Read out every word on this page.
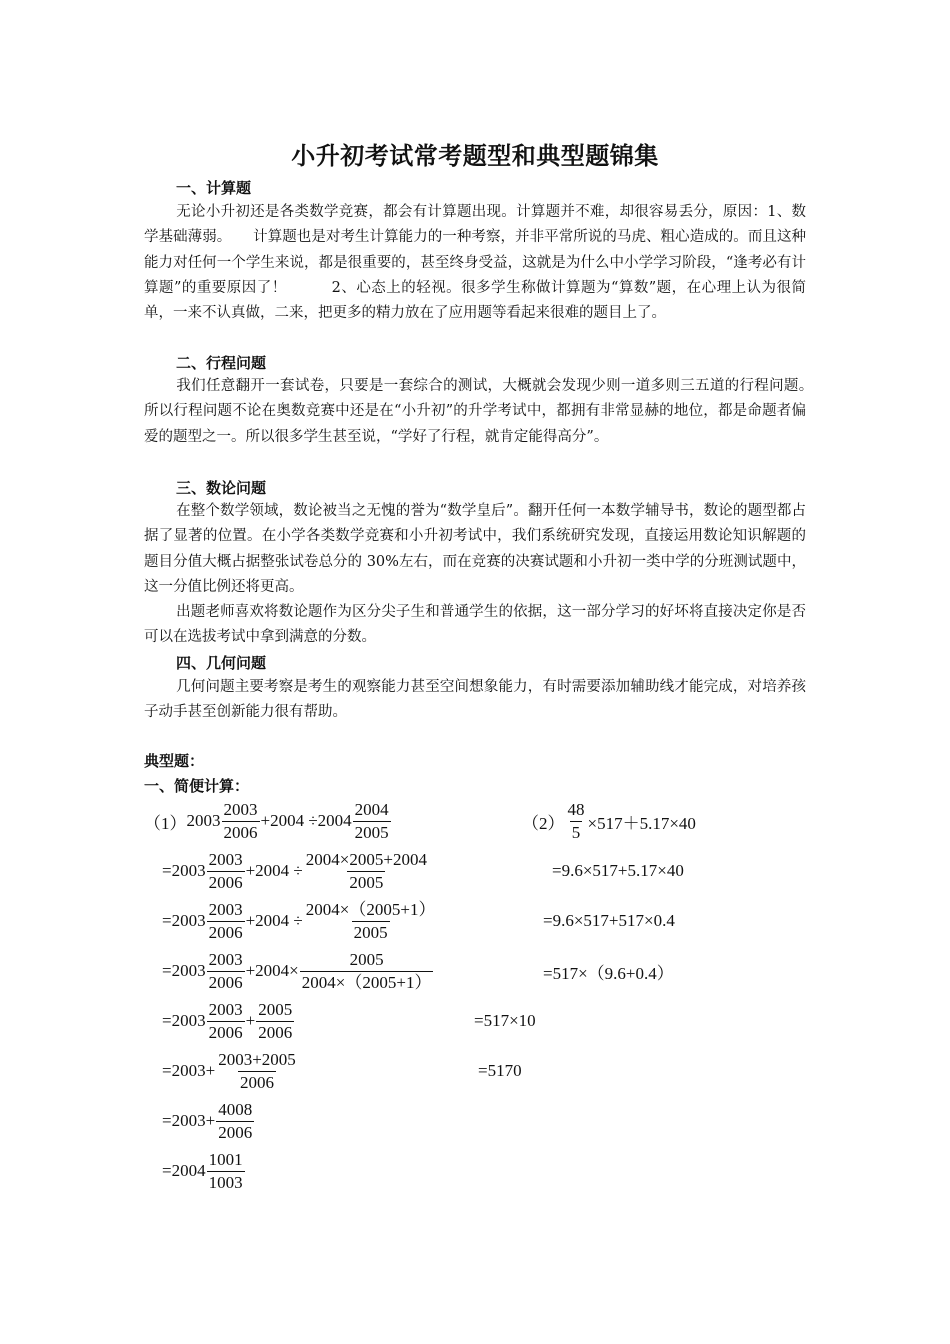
小升初考试常考题型和典型题锦集
一、计算题

无论小升初还是各类数学竞赛，都会有计算题出现。计算题并不难，却很容易丢分，原因：1、数学基础薄弱。　　计算题也是对考生计算能力的一种考察，并非平常所说的马虎、粗心造成的。而且这种能力对任何一个学生来说，都是很重要的，甚至终身受益，这就是为什么中小学学习阶段，“逢考必有计算题”的重要原因了！　　　2、心态上的轻视。很多学生称做计算题为“算数”题，在心理上认为很简单，一来不认真做，二来，把更多的精力放在了应用题等看起来很难的题目上了。

二、行程问题

我们任意翻开一套试卷，只要是一套综合的测试，大概就会发现少则一道多则三五道的行程问题。　所以行程问题不论在奥数竞赛中还是在“小升初”的升学考试中，都拥有非常显赫的地位，都是命题者偏爱的题型之一。所以很多学生甚至说，“学好了行程，就肯定能得高分”。

三、数论问题

在整个数学领域，数论被当之无愧的誉为“数学皇后”。翻开任何一本数学辅导书，数论的题型都占据了显著的位置。在小学各类数学竞赛和小升初考试中，我们系统研究发现，直接运用数论知识解题的题目分值大概占据整张试卷总分的 30%左右，而在竞赛的决赛试题和小升初一类中学的分班测试题中，这一分值比例还将更高。

出题老师喜欢将数论题作为区分尖子生和普通学生的依据，这一部分学习的好坏将直接决定你是否可以在选拔考试中拿到满意的分数。

四、几何问题

几何问题主要考察是考生的观察能力甚至空间想象能力，有时需要添加辅助线才能完成，对培养孩子动手甚至创新能力很有帮助。

典型题：
一、简便计算：
（1） $2003 \frac{2003}{2006} +2004 \div 2004 \frac{2004}{2005}$
$=2003 \frac{2003}{2006} +2004 \div \frac{2004\times 2005+2004}{2005}$
$=2003 \frac{2003}{2006} +2004 \div \frac{2004\times(2005+1)}{2005}$
$=2003 \frac{2003}{2006} +2004\times \frac{2005}{2004\times(2005+1)}$
$=2003 \frac{2003}{2006} + \frac{2005}{2006}$
$=2003+ \frac{2003+2005}{2006}$
$=2003+ \frac{4008}{2006}$
$=2004 \frac{1001}{1003}$
$(2) \frac{48}{5} \times 517+5.17\times 40$
=9.6×517+5.17×40
=9.6×517+517×0.4
=517×（9.6+0.4）
=517×10
=5170
